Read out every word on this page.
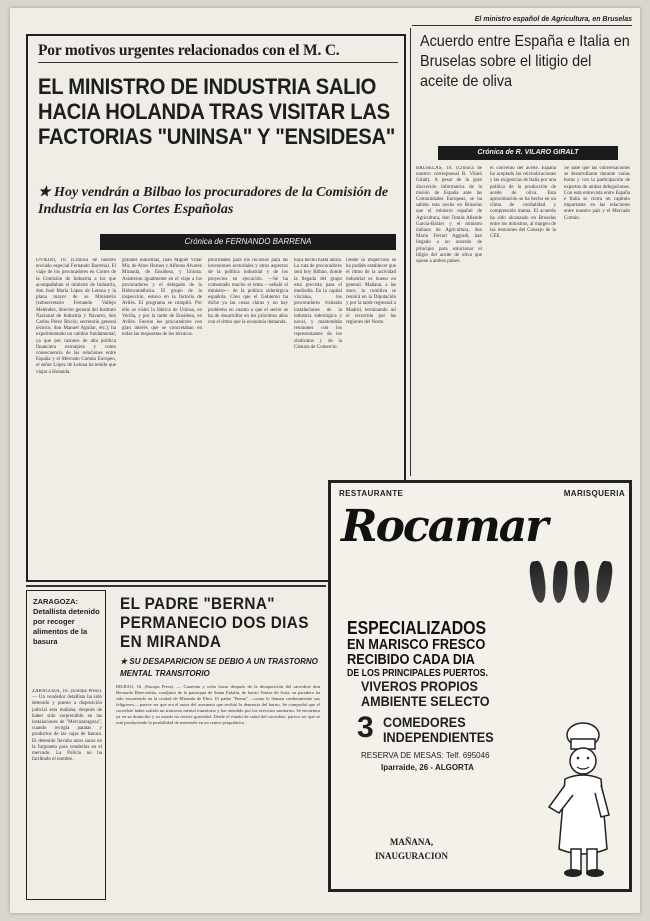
Por motivos urgentes relacionados con el M. C.
EL MINISTRO DE INDUSTRIA SALIO HACIA HOLANDA TRAS VISITAR LAS FACTORIAS "UNINSA" Y "ENSIDESA"
★ Hoy vendrán a Bilbao los procuradores de la Comisión de Industria en las Cortes Españolas
Crónica de FERNANDO BARRENA
OVIEDO, 16. (Crónica de nuestro enviado especial Fernando Barrena). El viaje de los procuradores en Cortes de la Comisión de Industria a los que acompañaban el ministro de Industria, don José María López de Letona y la plana mayor de su Ministerio (subsecretario Fernando Vallejo Meléndez, director general del Instituto Nacional de Industria y Navarro, don Carlos Pérez Bricio; secretario general técnico, don Manuel Aguilar, etc.), ha experimentado un cambio fundamental, ya que por razones de alta política financiera extranjera y como consecuencia de las relaciones entre España y el Mercado Común Europeo, el señor López de Letona ha tenido que viajar a Holanda.
grandes industrias, Juan Miguel Villar Mir, de Altos Hornos y Alfonso Alvarez Miranda, de Ensidesa, y Uninsa. Asistieron igualmente en el viaje a los procuradores y el delegado de la Hidrocantábrica. El grupo de la inspección, estuvo en la factoría de Avilés. El programa se cumplió. Por ello se visitó la fábrica de Uninsa, en Veriña, y por la tarde de Ensidesa, en Avilés. Fueron los procuradores con gran interés que se concretaban en todas las respuestas de los técnicos.
prioridades para los recursos para las inversiones sectoriales y otros aspectos de la política industrial y de los proyectos en ejecución. —Se ha comentado mucho el tema —señaló el ministro— de la política siderúrgica española. Creo que el Gobierno ha dicho ya las cosas claras y no hay problema en cuanto a que el sector se ha de desarrollar en los próximos años con el ritmo que la economía demanda.
haya hecho hasta ahora. La ruta de procuradores será hoy Bilbao, donde la llegada del grupo está prevista para el mediodía. En la capital vizcaína, los procuradores visitarán instalaciones de la industria siderúrgica y naval, y mantendrán reuniones con los representantes de los sindicatos y de la Cámara de Comercio.
Desde la inspección se ha podido establecer que el ritmo de la actividad industrial es bueno en general. Mañana, a las once, la comitiva se reunirá en la Diputación y por la tarde regresará a Madrid, terminando así el recorrido por las regiones del Norte.
El ministro español de Agricultura, en Bruselas
Acuerdo entre España e Italia en Bruselas sobre el litigio del aceite de oliva
Crónica de R. VILARO GIRALT
BRUSELAS, 16. (Crónica de nuestro corresponsal R. Vilaró Giralt). A pesar de la gran discreción informativa de la misión de España ante las Comunidades Europeas, se ha sabido esta noche en Bruselas que el ministro español de Agricultura, don Tomás Allende García-Báxter y el ministro italiano de Agricultura, don Mario Ferrari Aggradi, han llegado a un acuerdo de principio para solucionar el litigio del aceite de oliva que opone a ambos países.
el convenio del aceite. España ha aceptado las reivindicaciones y las exigencias de Italia por una política de la producción de aceite de oliva. Esta aproximación se ha hecho en un clima de cordialidad y comprensión mutua. El acuerdo ha sido alcanzado en Bruselas entre los ministros, al margen de las reuniones del Consejo de la CEE.
Se sabe que las conversaciones se desarrollaron durante varias horas y con la participación de expertos de ambas delegaciones. Con esta entrevista entre España e Italia se cierra un capítulo importante en las relaciones entre nuestro país y el Mercado Común.
RESTAURANTE	MARISQUERIA
Rocamar
ESPECIALIZADOS
EN MARISCO FRESCO
RECIBIDO CADA DIA
DE LOS PRINCIPALES PUERTOS.
VIVEROS PROPIOS
AMBIENTE SELECTO
3 COMEDORES
INDEPENDIENTES
RESERVA DE MESAS: Telf. 695046
Iparraide, 26 - ALGORTA
MAÑANA,
INAUGURACION
ZARAGOZA: Detallista detenido por recoger alimentos de la basura
ZARAGOZA, 16. (Europa Press). — Un vendedor detallista ha sido detenido y puesto a disposición judicial esta mañana, después de haber sido sorprendido en las instalaciones de "Mercazaragoza", cuando recogía patatas y productos de las cajas de basura. El detenido llevaba unos sacos en la furgoneta para venderlos en el mercado. La Policía no ha facilitado el nombre.
EL PADRE "BERNA" PERMANECIO DOS DIAS EN MIRANDA
★ SU DESAPARICION SE DEBIO A UN TRASTORNO MENTAL TRANSITORIO
BILBAO, 16. (Europa Press). — Cuarenta y ocho horas después de la desaparición del sacerdote don Bernardo Bereciartúa, coadjutor de la parroquia de Santa Eulalia, de barrio Ventas de Asúa, su paradero ha sido encontrado en la ciudad de Miranda de Ebro. El padre "Berna" —como le llaman cariñosamente sus feligreses— parece ser que era el autor del asesinato que recibió la denuncia del barrio. Se comprobó que el sacerdote había sufrido un trastorno mental transitorio y fue atendido por los servicios sanitarios. Se encuentra ya en su domicilio y su estado no reviste gravedad. Desde el estado de salud del sacerdote, parece ser que se está produciendo la posibilidad de internarle en un centro psiquiátrico.
